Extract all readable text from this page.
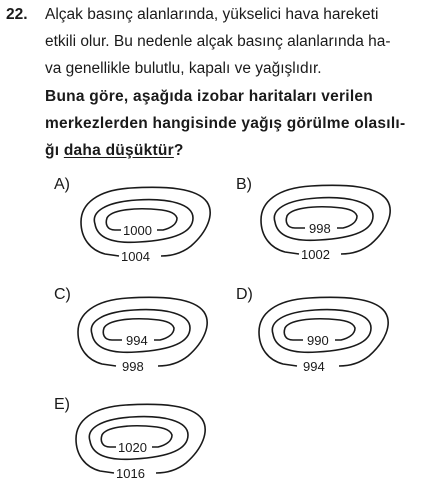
22. Alçak basınç alanlarında, yükselici hava hareketi
etkili olur. Bu nedenle alçak basınç alanlarında ha-
va genellikle bulutlu, kapalı ve yağışlıdır.
Buna göre, aşağıda izobar haritaları verilen
merkezlerden hangisinde yağış görülme olasılı-
ğı daha düşüktür?
A)
1000
1004
B)
998
1002
C)
994
998
D)
990
994
E)
1020
1016
